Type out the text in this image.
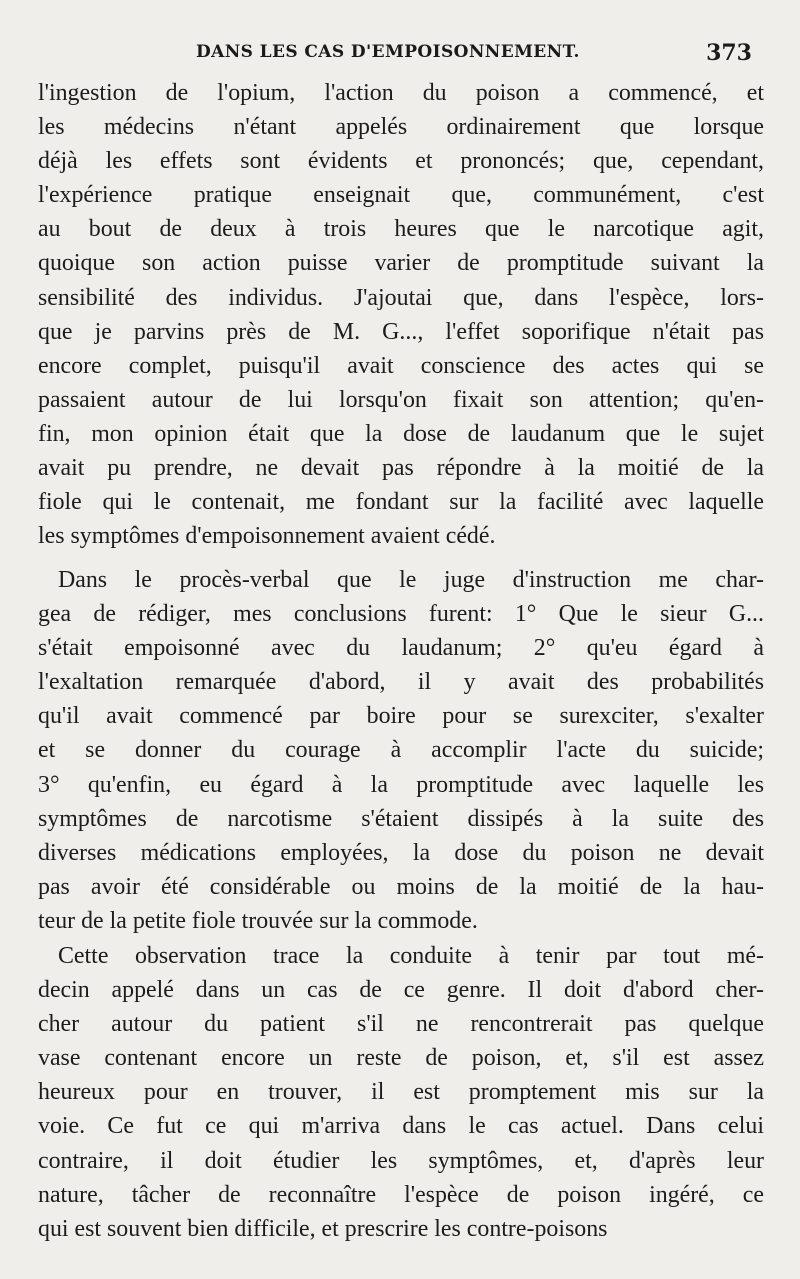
DANS LES CAS D'EMPOISONNEMENT.	373
l'ingestion de l'opium, l'action du poison a commencé, et
les médecins n'étant appelés ordinairement que lorsque
déjà les effets sont évidents et prononcés; que, cependant,
l'expérience pratique enseignait que, communément, c'est
au bout de deux à trois heures que le narcotique agit,
quoique son action puisse varier de promptitude suivant la
sensibilité des individus. J'ajoutai que, dans l'espèce, lors-
que je parvins près de M. G..., l'effet soporifique n'était pas
encore complet, puisqu'il avait conscience des actes qui se
passaient autour de lui lorsqu'on fixait son attention; qu'en-
fin, mon opinion était que la dose de laudanum que le sujet
avait pu prendre, ne devait pas répondre à la moitié de la
fiole qui le contenait, me fondant sur la facilité avec laquelle
les symptômes d'empoisonnement avaient cédé.
Dans le procès-verbal que le juge d'instruction me char-
gea de rédiger, mes conclusions furent: 1° Que le sieur G...
s'était empoisonné avec du laudanum; 2° qu'eu égard à
l'exaltation remarquée d'abord, il y avait des probabilités
qu'il avait commencé par boire pour se surexciter, s'exalter
et se donner du courage à accomplir l'acte du suicide;
3° qu'enfin, eu égard à la promptitude avec laquelle les
symptômes de narcotisme s'étaient dissipés à la suite des
diverses médications employées, la dose du poison ne devait
pas avoir été considérable ou moins de la moitié de la hau-
teur de la petite fiole trouvée sur la commode.
Cette observation trace la conduite à tenir par tout mé-
decin appelé dans un cas de ce genre. Il doit d'abord cher-
cher autour du patient s'il ne rencontrerait pas quelque
vase contenant encore un reste de poison, et, s'il est assez
heureux pour en trouver, il est promptement mis sur la
voie. Ce fut ce qui m'arriva dans le cas actuel. Dans celui
contraire, il doit étudier les symptômes, et, d'après leur
nature, tâcher de reconnaître l'espèce de poison ingéré, ce
qui est souvent bien difficile, et prescrire les contre-poisons
